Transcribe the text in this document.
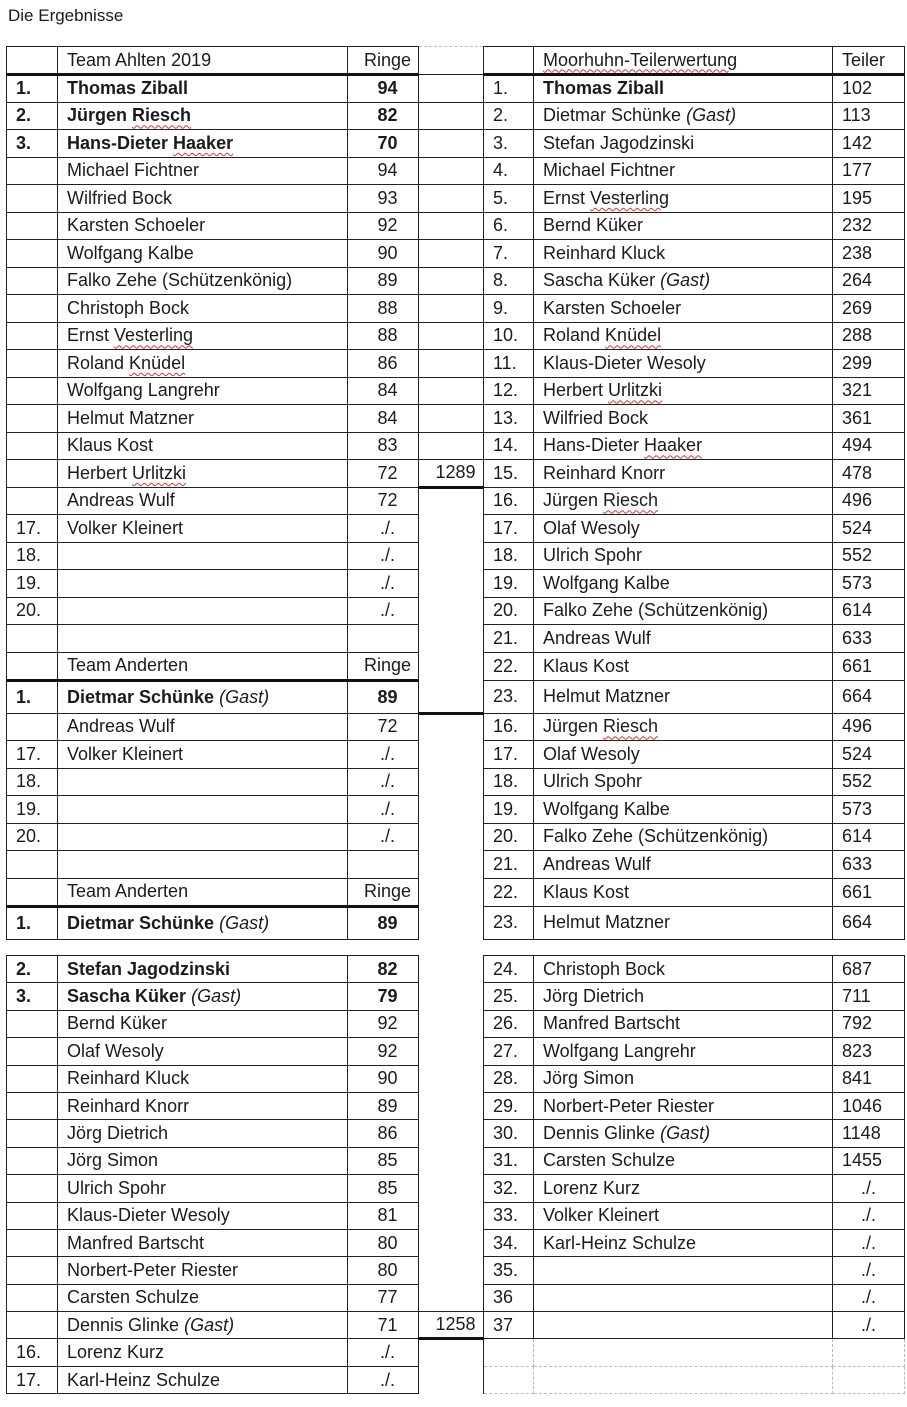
Die Ergebnisse
	Team Ahlten 2019	Ringe			Moorhuhn-Teilerwertung	Teiler
1.	Thomas Ziball	94		1.	Thomas Ziball	102
2.	Jürgen Riesch	82		2.	Dietmar Schünke (Gast)	113
3.	Hans-Dieter Haaker	70		3.	Stefan Jagodzinski	142
	Michael Fichtner	94		4.	Michael Fichtner	177
	Wilfried Bock	93		5.	Ernst Vesterling	195
	Karsten Schoeler	92		6.	Bernd Küker	232
	Wolfgang Kalbe	90		7.	Reinhard Kluck	238
	Falko Zehe (Schützenkönig)	89		8.	Sascha Küker (Gast)	264
	Christoph Bock	88		9.	Karsten Schoeler	269
	Ernst Vesterling	88		10.	Roland Knüdel	288
	Roland Knüdel	86		11.	Klaus-Dieter Wesoly	299
	Wolfgang Langrehr	84		12.	Herbert Urlitzki	321
	Helmut Matzner	84		13.	Wilfried Bock	361
	Klaus Kost	83		14.	Hans-Dieter Haaker	494
	Herbert Urlitzki	72	1289	15.	Reinhard Knorr	478
	Andreas Wulf	72		16.	Jürgen Riesch	496
17.	Volker Kleinert	./.		17.	Olaf Wesoly	524
18.		./.		18.	Ulrich Spohr	552
19.		./.		19.	Wolfgang Kalbe	573
20.		./.		20.	Falko Zehe (Schützenkönig)	614
				21.	Andreas Wulf	633
	Team Anderten	Ringe		22.	Klaus Kost	661
1.	Dietmar Schünke (Gast)	89		23.	Helmut Matzner	664
	Andreas Wulf	72		16.	Jürgen Riesch	496
17.	Volker Kleinert	./.		17.	Olaf Wesoly	524
18.		./.		18.	Ulrich Spohr	552
19.		./.		19.	Wolfgang Kalbe	573
20.		./.		20.	Falko Zehe (Schützenkönig)	614
				21.	Andreas Wulf	633
	Team Anderten	Ringe		22.	Klaus Kost	661
1.	Dietmar Schünke (Gast)	89		23.	Helmut Matzner	664
2.	Stefan Jagodzinski	82		24.	Christoph Bock	687
3.	Sascha Küker (Gast)	79		25.	Jörg Dietrich	711
	Bernd Küker	92		26.	Manfred Bartscht	792
	Olaf Wesoly	92		27.	Wolfgang Langrehr	823
	Reinhard Kluck	90		28.	Jörg Simon	841
	Reinhard Knorr	89		29.	Norbert-Peter Riester	1046
	Jörg Dietrich	86		30.	Dennis Glinke (Gast)	1148
	Jörg Simon	85		31.	Carsten Schulze	1455
	Ulrich Spohr	85		32.	Lorenz Kurz	./.
	Klaus-Dieter Wesoly	81		33.	Volker Kleinert	./.
	Manfred Bartscht	80		34.	Karl-Heinz Schulze	./.
	Norbert-Peter Riester	80		35.		./.
	Carsten Schulze	77		36		./.
	Dennis Glinke (Gast)	71	1258	37		./.
16.	Lorenz Kurz	./.				
17.	Karl-Heinz Schulze	./.				
